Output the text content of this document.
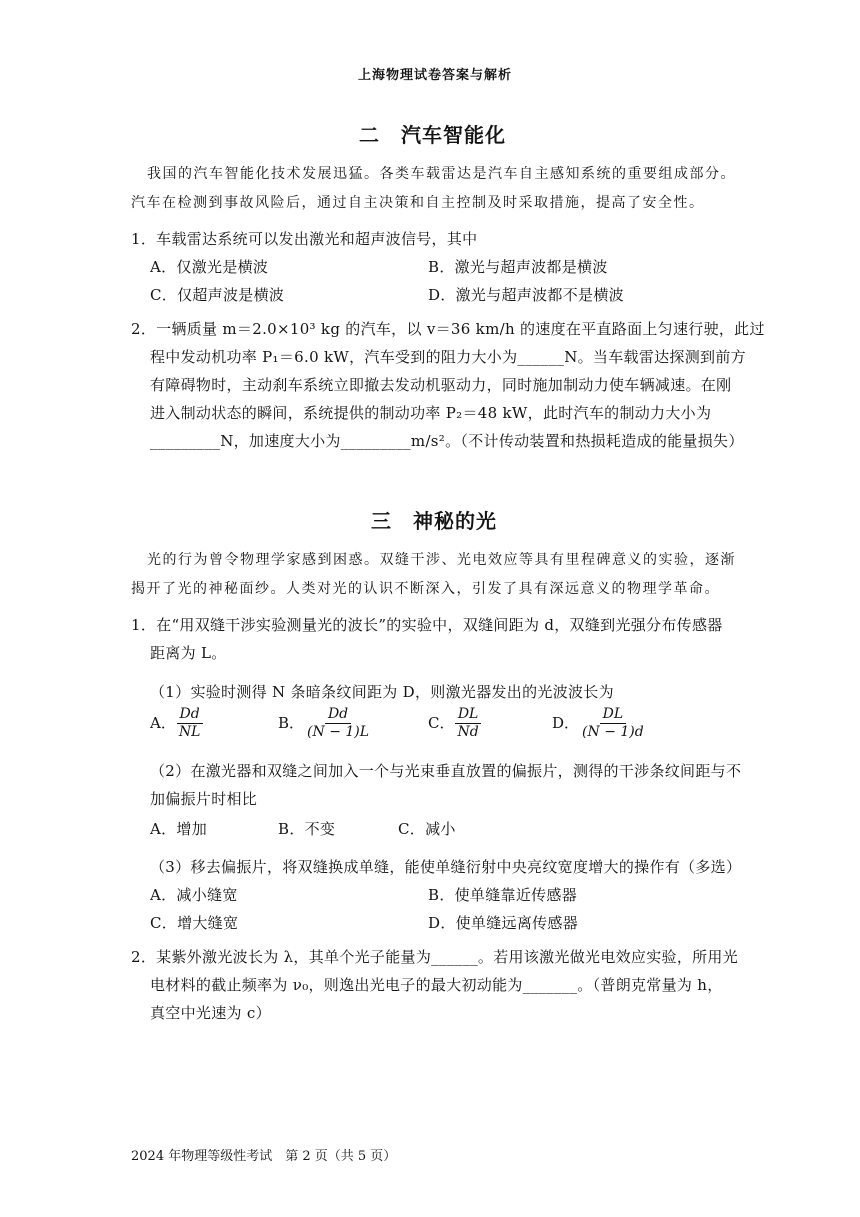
上海物理试卷答案与解析
二　汽车智能化
我国的汽车智能化技术发展迅猛。各类车载雷达是汽车自主感知系统的重要组成部分。
汽车在检测到事故风险后，通过自主决策和自主控制及时采取措施，提高了安全性。
1．车载雷达系统可以发出激光和超声波信号，其中
A．仅激光是横波	B．激光与超声波都是横波
C．仅超声波是横波	D．激光与超声波都不是横波
2．一辆质量 m＝2.0×10³ kg 的汽车，以 v＝36 km/h 的速度在平直路面上匀速行驶，此过
程中发动机功率 P₁＝6.0 kW，汽车受到的阻力大小为______N。当车载雷达探测到前方
有障碍物时，主动刹车系统立即撤去发动机驱动力，同时施加制动力使车辆减速。在刚
进入制动状态的瞬间，系统提供的制动功率 P₂＝48 kW，此时汽车的制动力大小为
_________N，加速度大小为_________m/s²。（不计传动装置和热损耗造成的能量损失）
三　神秘的光
光的行为曾令物理学家感到困惑。双缝干涉、光电效应等具有里程碑意义的实验，逐渐
揭开了光的神秘面纱。人类对光的认识不断深入，引发了具有深远意义的物理学革命。
1．在“用双缝干涉实验测量光的波长”的实验中，双缝间距为 d，双缝到光强分布传感器
距离为 L。
（1）实验时测得 N 条暗条纹间距为 D，则激光器发出的光波波长为
A． $\frac{Dd}{NL}$	B． $\frac{Dd}{(N - 1)L}$	C． $\frac{DL}{Nd}$	D． $\frac{DL}{(N - 1)d}$
（2）在激光器和双缝之间加入一个与光束垂直放置的偏振片，测得的干涉条纹间距与不
加偏振片时相比
A．增加	B．不变	C．减小
（3）移去偏振片，将双缝换成单缝，能使单缝衍射中央亮纹宽度增大的操作有（多选）
A．减小缝宽	B．使单缝靠近传感器
C．增大缝宽	D．使单缝远离传感器
2．某紫外激光波长为 λ，其单个光子能量为______。若用该激光做光电效应实验，所用光
电材料的截止频率为 ν₀，则逸出光电子的最大初动能为_______。（普朗克常量为 h，
真空中光速为 c）
2024 年物理等级性考试　第 2 页（共 5 页）
